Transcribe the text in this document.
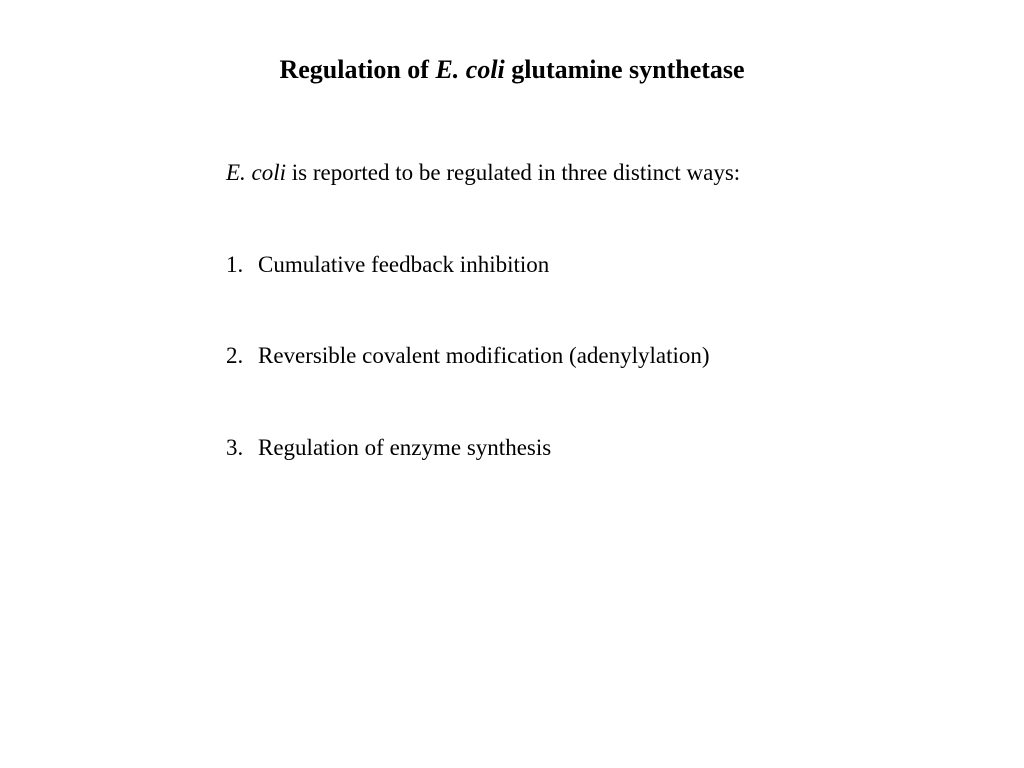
Regulation of E. coli glutamine synthetase
E. coli is reported to be regulated in three distinct ways:
1. Cumulative feedback inhibition
2. Reversible covalent modification (adenylylation)
3. Regulation of enzyme synthesis
